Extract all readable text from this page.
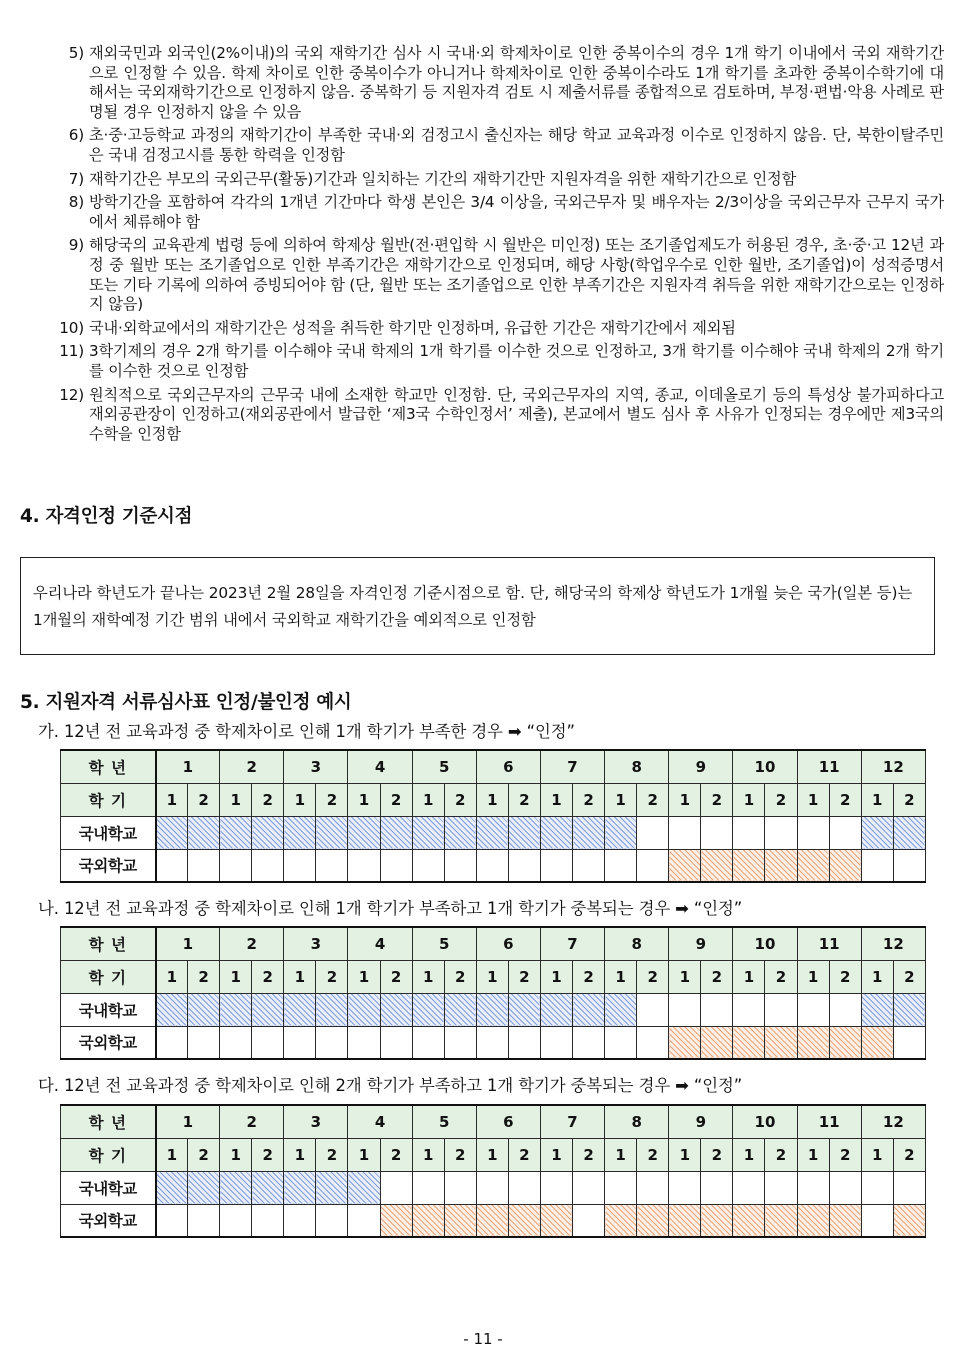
5) 재외국민과 외국인(2%이내)의 국외 재학기간 심사 시 국내·외 학제차이로 인한 중복이수의 경우 1개 학기 이내에서 국외 재학기간으로 인정할 수 있음. 학제 차이로 인한 중복이수가 아니거나 학제차이로 인한 중복이수라도 1개 학기를 초과한 중복이수학기에 대해서는 국외재학기간으로 인정하지 않음. 중복학기 등 지원자격 검토 시 제출서류를 종합적으로 검토하며, 부정·편법·악용 사례로 판명될 경우 인정하지 않을 수 있음
6) 초·중·고등학교 과정의 재학기간이 부족한 국내·외 검정고시 출신자는 해당 학교 교육과정 이수로 인정하지 않음. 단, 북한이탈주민은 국내 검정고시를 통한 학력을 인정함
7) 재학기간은 부모의 국외근무(활동)기간과 일치하는 기간의 재학기간만 지원자격을 위한 재학기간으로 인정함
8) 방학기간을 포함하여 각각의 1개년 기간마다 학생 본인은 3/4 이상을, 국외근무자 및 배우자는 2/3이상을 국외근무자 근무지 국가에서 체류해야 함
9) 해당국의 교육관계 법령 등에 의하여 학제상 월반(전·편입학 시 월반은 미인정) 또는 조기졸업제도가 허용된 경우, 초·중·고 12년 과정 중 월반 또는 조기졸업으로 인한 부족기간은 재학기간으로 인정되며, 해당 사항(학업우수로 인한 월반, 조기졸업)이 성적증명서 또는 기타 기록에 의하여 증빙되어야 함 (단, 월반 또는 조기졸업으로 인한 부족기간은 지원자격 취득을 위한 재학기간으로는 인정하지 않음)
10) 국내·외학교에서의 재학기간은 성적을 취득한 학기만 인정하며, 유급한 기간은 재학기간에서 제외됨
11) 3학기제의 경우 2개 학기를 이수해야 국내 학제의 1개 학기를 이수한 것으로 인정하고, 3개 학기를 이수해야 국내 학제의 2개 학기를 이수한 것으로 인정함
12) 원칙적으로 국외근무자의 근무국 내에 소재한 학교만 인정함. 단, 국외근무자의 지역, 종교, 이데올로기 등의 특성상 불가피하다고 재외공관장이 인정하고(재외공관에서 발급한 ‘제3국 수학인정서’ 제출), 본교에서 별도 심사 후 사유가 인정되는 경우에만 제3국의 수학을 인정함
4. 자격인정 기준시점
우리나라 학년도가 끝나는 2023년 2월 28일을 자격인정 기준시점으로 함. 단, 해당국의 학제상 학년도가 1개월 늦은 국가(일본 등)는 1개월의 재학예정 기간 범위 내에서 국외학교 재학기간을 예외적으로 인정함
5. 지원자격 서류심사표 인정/불인정 예시

가. 12년 전 교육과정 중 학제차이로 인해 1개 학기가 부족한 경우 ➡ “인정”

학 년	1		2		3		4		5		6		7		8		9		10		11		12	
학 기	1	2	1	2	1	2	1	2	1	2	1	2	1	2	1	2	1	2	1	2	1	2	1	2
국내학교																								
국외학교																								

나. 12년 전 교육과정 중 학제차이로 인해 1개 학기가 부족하고 1개 학기가 중복되는 경우 ➡ “인정”

학 년	1		2		3		4		5		6		7		8		9		10		11		12	
학 기	1	2	1	2	1	2	1	2	1	2	1	2	1	2	1	2	1	2	1	2	1	2	1	2
국내학교																								
국외학교																								

다. 12년 전 교육과정 중 학제차이로 인해 2개 학기가 부족하고 1개 학기가 중복되는 경우 ➡ “인정”

학 년	1		2		3		4		5		6		7		8		9		10		11		12	
학 기	1	2	1	2	1	2	1	2	1	2	1	2	1	2	1	2	1	2	1	2	1	2	1	2
국내학교																								
국외학교																								
- 11 -
